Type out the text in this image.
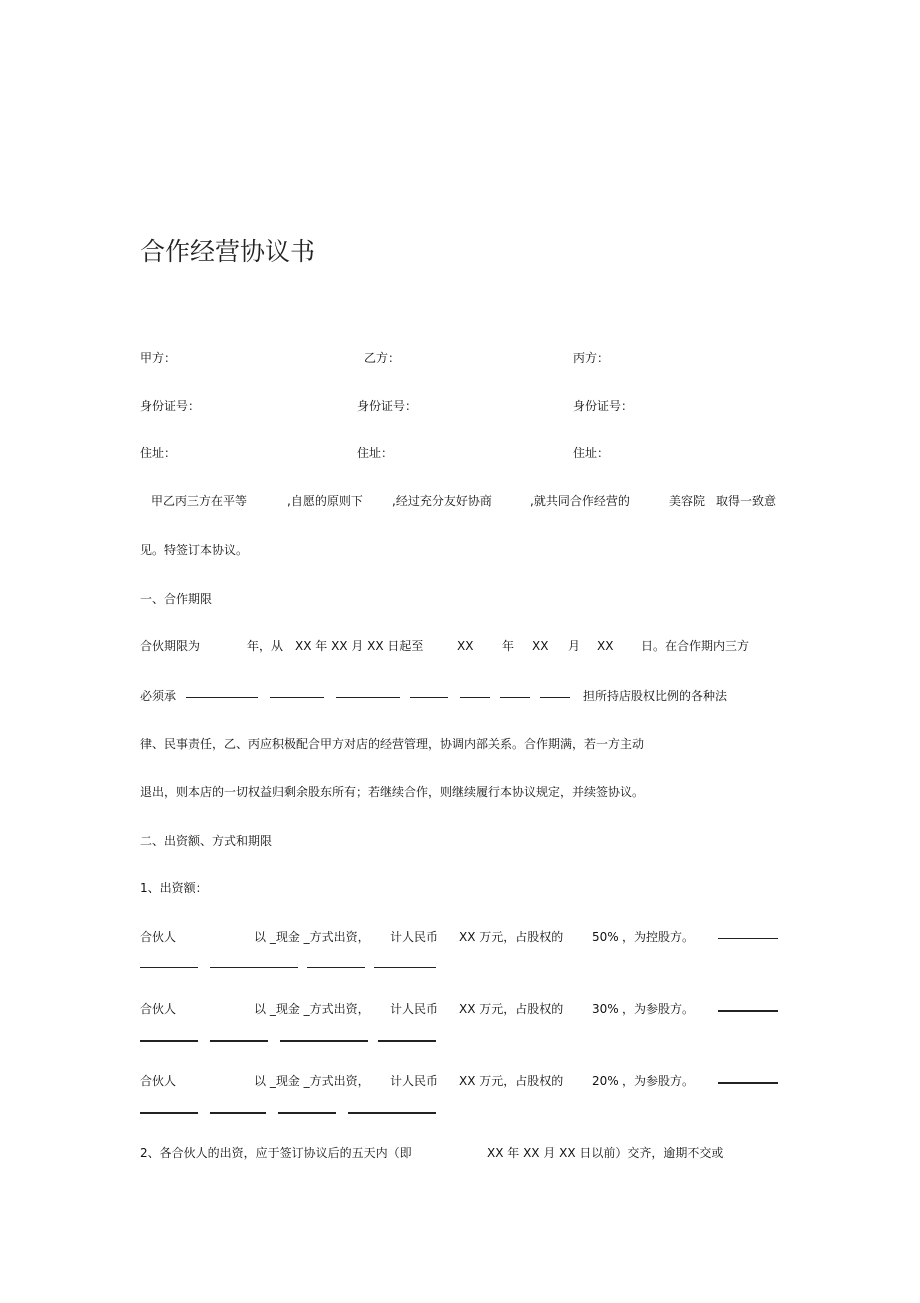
合作经营协议书
甲方：	乙方：	丙方：
身份证号：	身份证号：	身份证号：
住址：	住址：	住址：
甲乙丙三方在平等	,自愿的原则下 ,经过充分友好协商	,就共同合作经营的	美容院 取得一致意
见。特签订本协议。
一、合作期限
合伙期限为	年，从 XX 年 XX 月 XX 日起至	XX 年 XX 月 XX 日。在合作期内三方
必须承	担所持店股权比例的各种法
律、民事责任，乙、丙应积极配合甲方对店的经营管理，协调内部关系。合作期满，若一方主动
退出，则本店的一切权益归剩余股东所有；若继续合作，则继续履行本协议规定，并续签协议。
二、出资额、方式和期限
1、出资额：
合伙人	以 _现金 _方式出资， 计人民币 XX 万元，占股权的 50% ，为控股方。
合伙人	以 _现金 _方式出资， 计人民币 XX 万元，占股权的 30% ，为参股方。
合伙人	以 _现金 _方式出资， 计人民币 XX 万元，占股权的 20% ，为参股方。
2、各合伙人的出资，应于签订协议后的五天内（即	XX 年 XX 月 XX 日以前）交齐，逾期不交或
